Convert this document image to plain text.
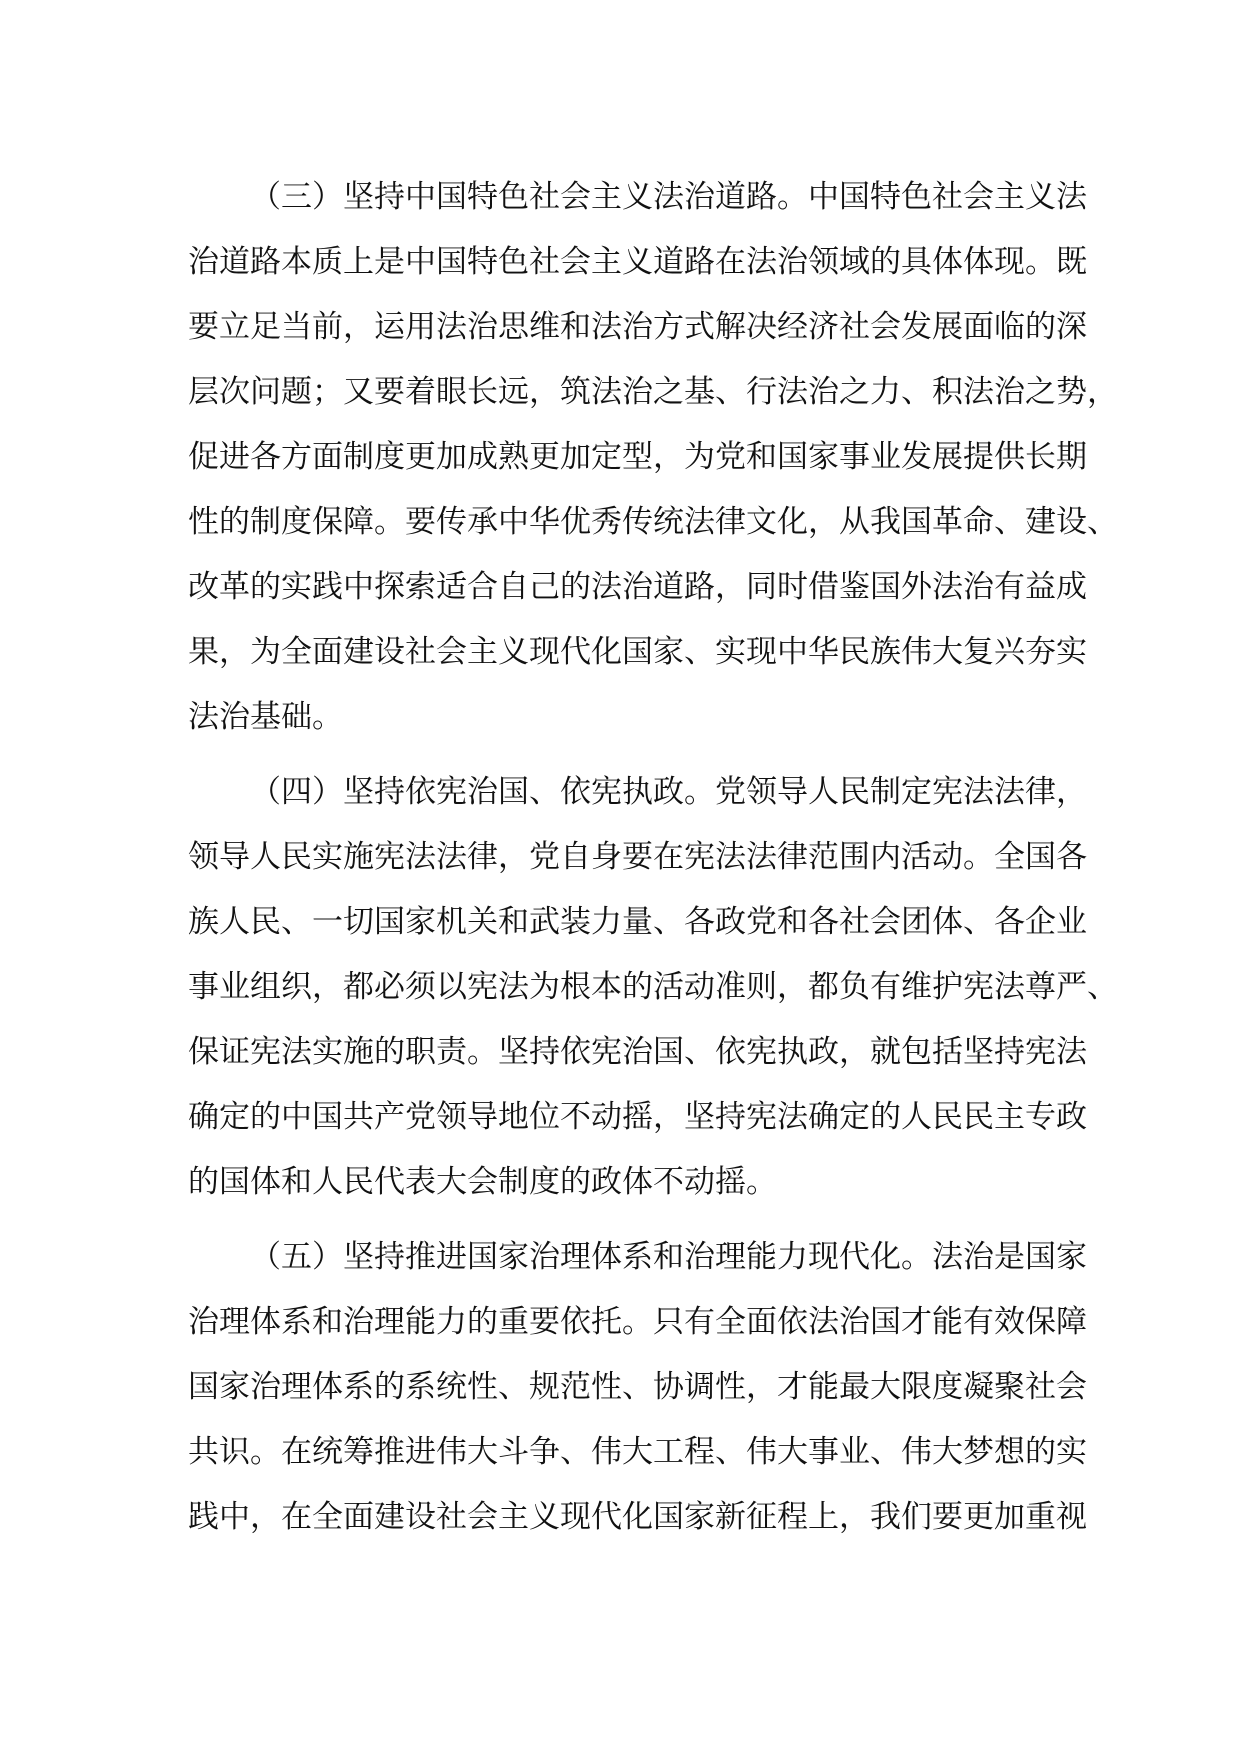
（三）坚持中国特色社会主义法治道路。中国特色社会主义法
治道路本质上是中国特色社会主义道路在法治领域的具体体现。既
要立足当前，运用法治思维和法治方式解决经济社会发展面临的深
层次问题；又要着眼长远，筑法治之基、行法治之力、积法治之势，
促进各方面制度更加成熟更加定型，为党和国家事业发展提供长期
性的制度保障。要传承中华优秀传统法律文化，从我国革命、建设、
改革的实践中探索适合自己的法治道路，同时借鉴国外法治有益成
果，为全面建设社会主义现代化国家、实现中华民族伟大复兴夯实
法治基础。
（四）坚持依宪治国、依宪执政。党领导人民制定宪法法律，
领导人民实施宪法法律，党自身要在宪法法律范围内活动。全国各
族人民、一切国家机关和武装力量、各政党和各社会团体、各企业
事业组织，都必须以宪法为根本的活动准则，都负有维护宪法尊严、
保证宪法实施的职责。坚持依宪治国、依宪执政，就包括坚持宪法
确定的中国共产党领导地位不动摇，坚持宪法确定的人民民主专政
的国体和人民代表大会制度的政体不动摇。
（五）坚持推进国家治理体系和治理能力现代化。法治是国家
治理体系和治理能力的重要依托。只有全面依法治国才能有效保障
国家治理体系的系统性、规范性、协调性，才能最大限度凝聚社会
共识。在统筹推进伟大斗争、伟大工程、伟大事业、伟大梦想的实
践中，在全面建设社会主义现代化国家新征程上，我们要更加重视
